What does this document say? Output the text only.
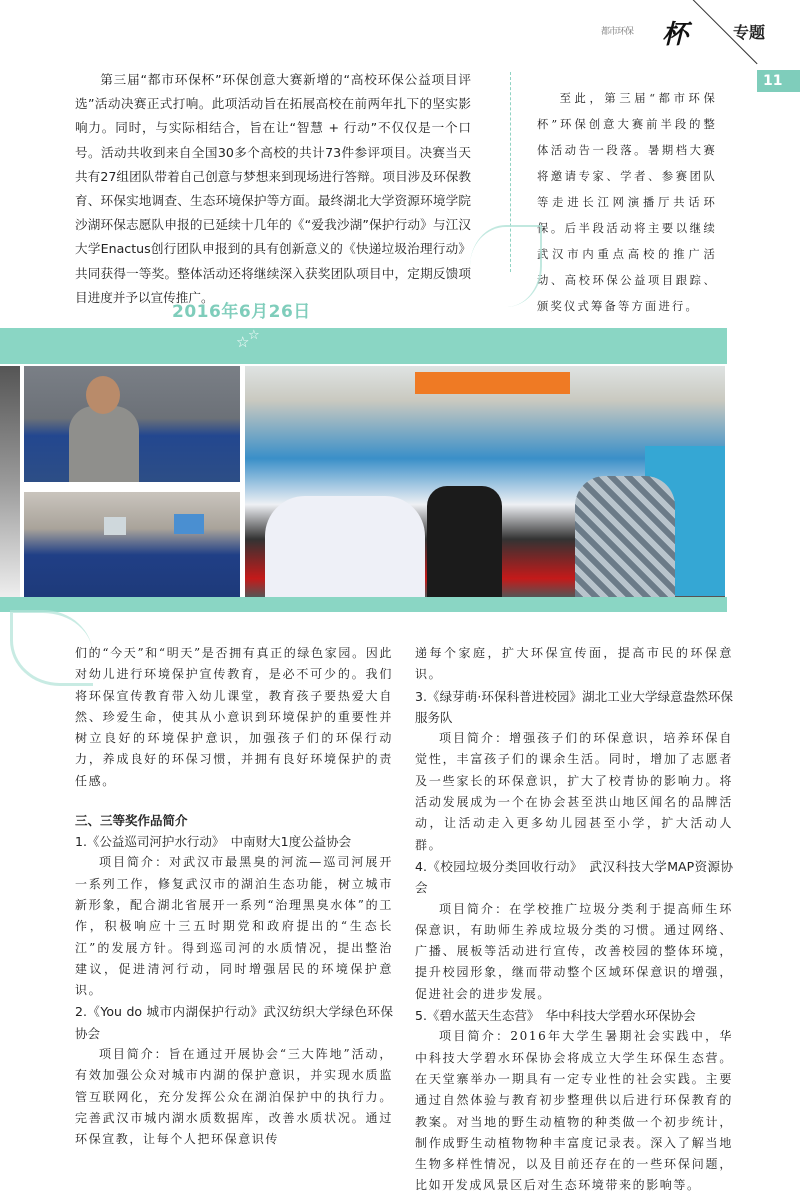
都市环保 杯	专题
11
第三届“都市环保杯”环保创意大赛新增的“高校环保公益项目评选”活动决赛正式打响。此项活动旨在拓展高校在前两年扎下的坚实影响力。同时，与实际相结合，旨在让“智慧 + 行动”不仅仅是一个口号。活动共收到来自全国30多个高校的共计73件参评项目。决赛当天共有27组团队带着自己创意与梦想来到现场进行答辩。项目涉及环保教育、环保实地调查、生态环境保护等方面。最终湖北大学资源环境学院沙湖环保志愿队申报的已延续十几年的《“爱我沙湖”保护行动》与江汉大学Enactus创行团队申报到的具有创新意义的《快递垃圾治理行动》共同获得一等奖。整体活动还将继续深入获奖团队项目中，定期反馈项目进度并予以宣传推广。
至此，第三届“都市环保杯”环保创意大赛前半段的整体活动告一段落。暑期档大赛将邀请专家、学者、参赛团队等走进长江网演播厅共话环保。后半段活动将主要以继续武汉市内重点高校的推广活动、高校环保公益项目跟踪、颁奖仪式筹备等方面进行。
2016年6月26日
☆
☆

们的“今天”和“明天”是否拥有真正的绿色家园。因此对幼儿进行环境保护宣传教育，是必不可少的。我们将环保宣传教育带入幼儿课堂，教育孩子要热爱大自然、珍爱生命，使其从小意识到环境保护的重要性并树立良好的环境保护意识，加强孩子们的环保行动力，养成良好的环保习惯，并拥有良好环境保护的责任感。

三、三等奖作品简介

1.《公益巡司河护水行动》　中南财大1度公益协会

项目简介：对武汉市最黑臭的河流—巡司河展开一系列工作，修复武汉市的湖泊生态功能，树立城市新形象，配合湖北省展开一系列“治理黑臭水体”的工作，积极响应十三五时期党和政府提出的“生态长江”的发展方针。得到巡司河的水质情况，提出整治建议，促进清河行动，同时增强居民的环境保护意识。

2.《You do 城市内湖保护行动》武汉纺织大学绿色环保协会

项目简介：旨在通过开展协会“三大阵地”活动，有效加强公众对城市内湖的保护意识，并实现水质监管互联网化，充分发挥公众在湖泊保护中的执行力。完善武汉市城内湖水质数据库，改善水质状况。通过环保宣教，让每个人把环保意识传

递每个家庭，扩大环保宣传面，提高市民的环保意识。

3.《绿芽萌·环保科普进校园》湖北工业大学绿意盎然环保服务队

项目简介：增强孩子们的环保意识，培养环保自觉性，丰富孩子们的课余生活。同时，增加了志愿者及一些家长的环保意识，扩大了校青协的影响力。将活动发展成为一个在协会甚至洪山地区闻名的品牌活动，让活动走入更多幼儿园甚至小学，扩大活动人群。

4.《校园垃圾分类回收行动》　武汉科技大学MAP资源协会

项目简介：在学校推广垃圾分类利于提高师生环保意识，有助师生养成垃圾分类的习惯。通过网络、广播、展板等活动进行宣传，改善校园的整体环境，提升校园形象，继而带动整个区域环保意识的增强，促进社会的进步发展。

5.《碧水蓝天生态营》　华中科技大学碧水环保协会

项目简介：2016年大学生暑期社会实践中，华中科技大学碧水环保协会将成立大学生环保生态营。在天堂寨举办一期具有一定专业性的社会实践。主要通过自然体验与教育初步整理供以后进行环保教育的教案。对当地的野生动植物的种类做一个初步统计，制作成野生动植物物种丰富度记录表。深入了解当地生物多样性情况，以及目前还存在的一些环保问题，比如开发成风景区后对生态环境带来的影响等。
